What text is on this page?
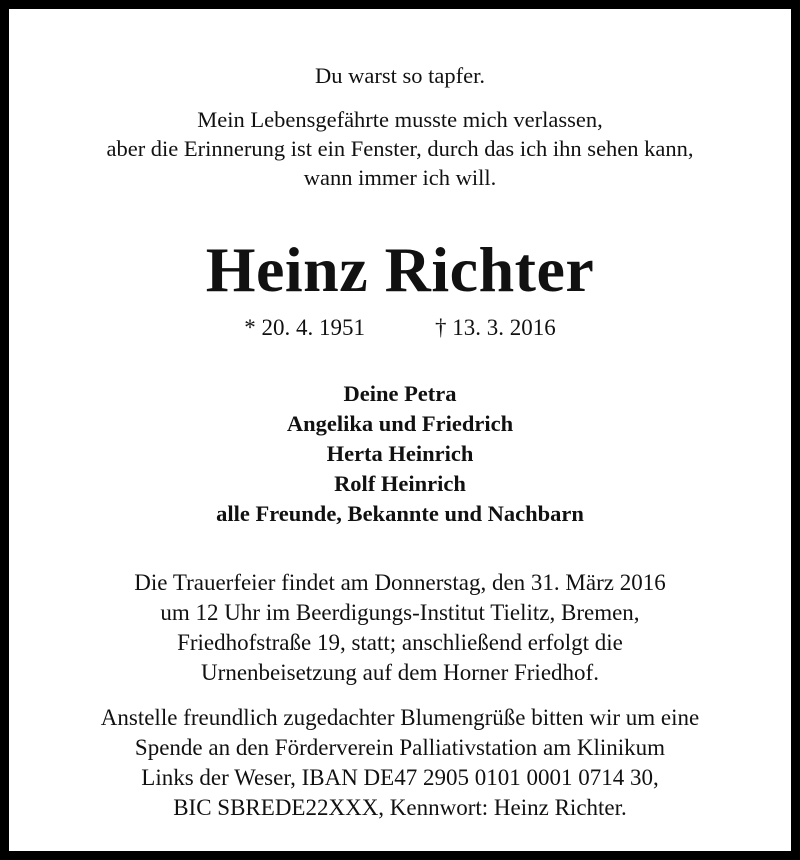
Du warst so tapfer.
Mein Lebensgefährte musste mich verlassen,
aber die Erinnerung ist ein Fenster, durch das ich ihn sehen kann,
wann immer ich will.
Heinz Richter
* 20. 4. 1951	† 13. 3. 2016
Deine Petra
Angelika und Friedrich
Herta Heinrich
Rolf Heinrich
alle Freunde, Bekannte und Nachbarn
Die Trauerfeier findet am Donnerstag, den 31. März 2016
um 12 Uhr im Beerdigungs-Institut Tielitz, Bremen,
Friedhofstraße 19, statt; anschließend erfolgt die
Urnenbeisetzung auf dem Horner Friedhof.
Anstelle freundlich zugedachter Blumengrüße bitten wir um eine
Spende an den Förderverein Palliativstation am Klinikum
Links der Weser, IBAN DE47 2905 0101 0001 0714 30,
BIC SBREDE22XXX, Kennwort: Heinz Richter.
